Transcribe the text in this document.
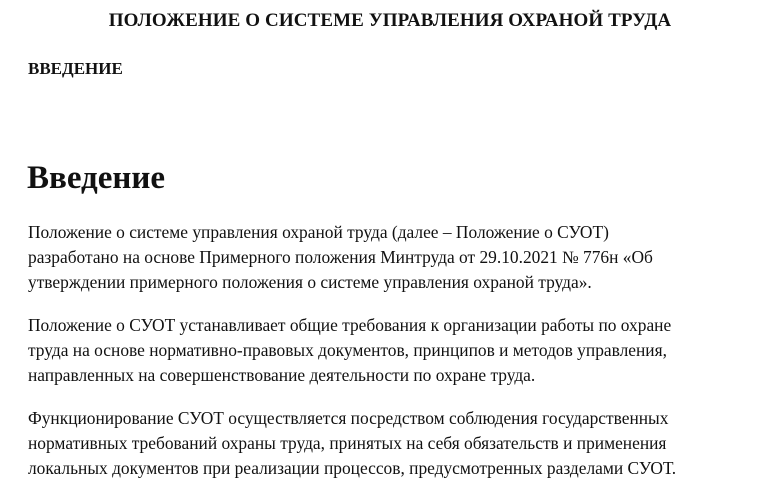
ПОЛОЖЕНИЕ О СИСТЕМЕ УПРАВЛЕНИЯ ОХРАНОЙ ТРУДА
ВВЕДЕНИЕ
Введение

Положение о системе управления охраной труда (далее – Положение о СУОТ)
разработано на основе Примерного положения Минтруда от 29.10.2021 № 776н «Об
утверждении примерного положения о системе управления охраной труда».

Положение о СУОТ устанавливает общие требования к организации работы по охране
труда на основе нормативно-правовых документов, принципов и методов управления,
направленных на совершенствование деятельности по охране труда.

Функционирование СУОТ осуществляется посредством соблюдения государственных
нормативных требований охраны труда, принятых на себя обязательств и применения
локальных документов при реализации процессов, предусмотренных разделами СУОТ.
